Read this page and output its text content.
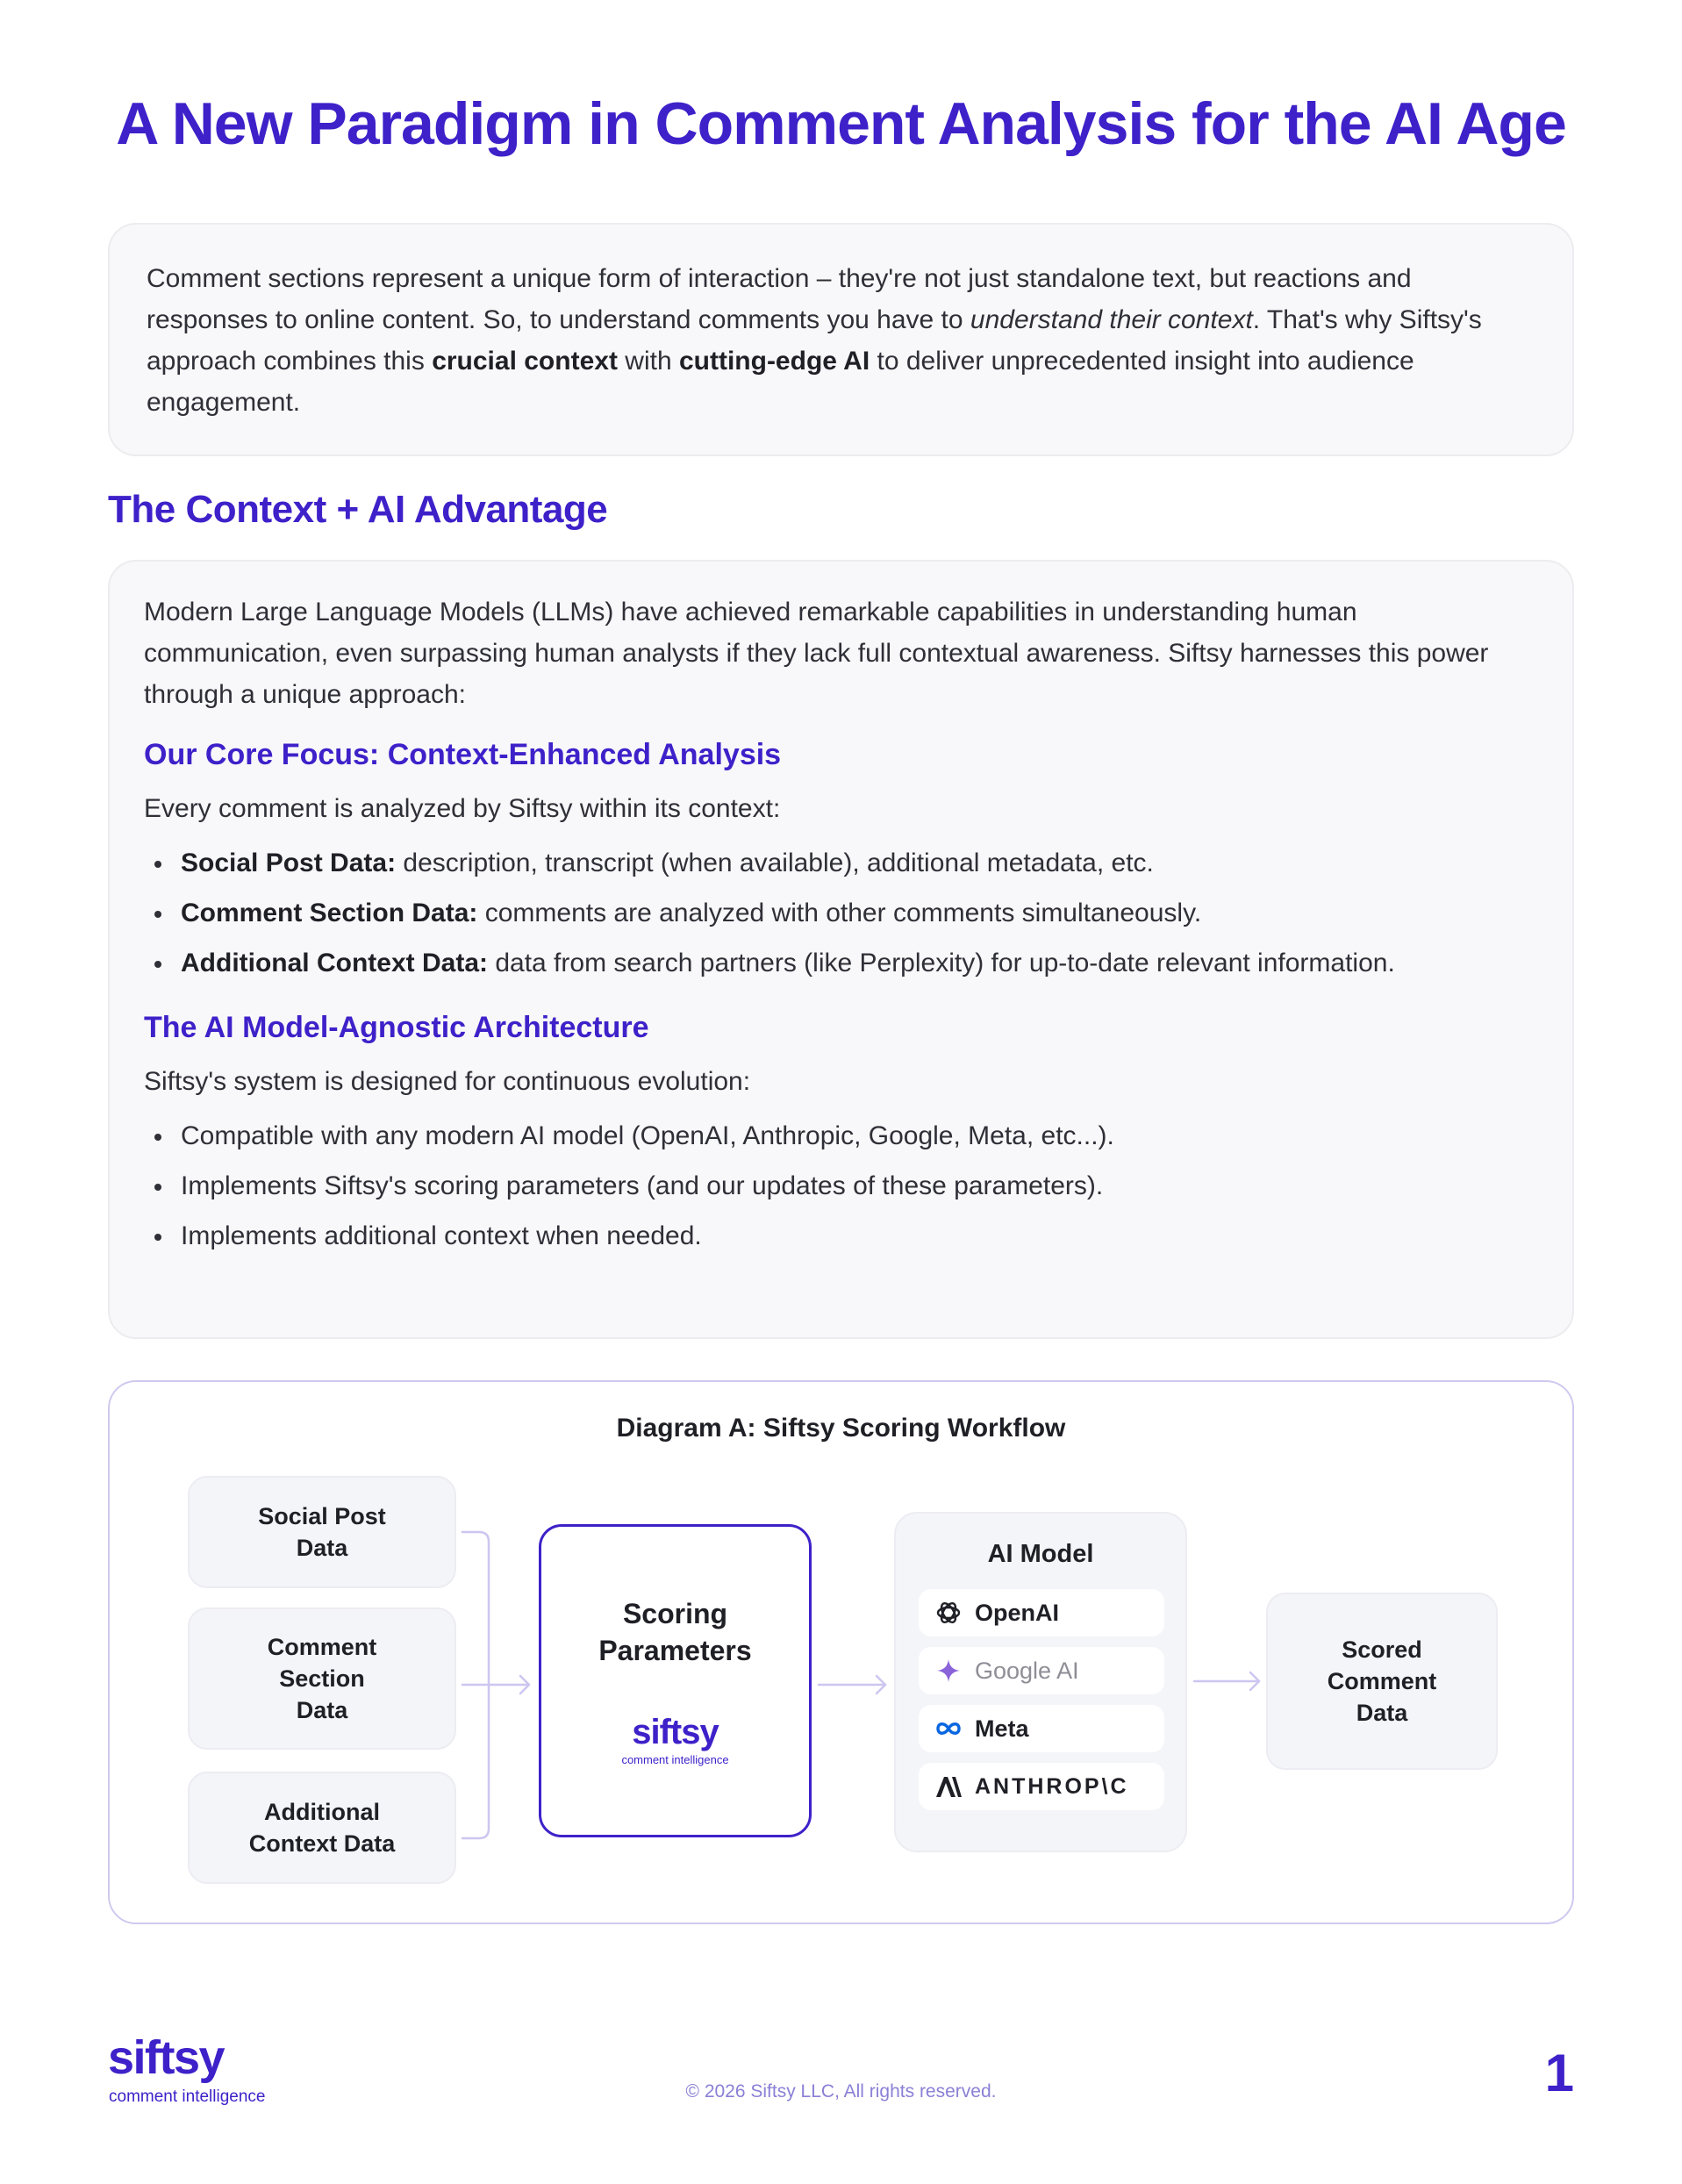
A New Paradigm in Comment Analysis for the AI Age

Comment sections represent a unique form of interaction – they're not just standalone text, but reactions and responses to online content. So, to understand comments you have to understand their context. That's why Siftsy's approach combines this crucial context with cutting-edge AI to deliver unprecedented insight into audience engagement.

The Context + AI Advantage

Modern Large Language Models (LLMs) have achieved remarkable capabilities in understanding human communication, even surpassing human analysts if they lack full contextual awareness. Siftsy harnesses this power through a unique approach:

Our Core Focus: Context-Enhanced Analysis

Every comment is analyzed by Siftsy within its context:

Social Post Data: description, transcript (when available), additional metadata, etc.
Comment Section Data: comments are analyzed with other comments simultaneously.
Additional Context Data: data from search partners (like Perplexity) for up-to-date relevant information.
The AI Model-Agnostic Architecture

Siftsy's system is designed for continuous evolution:

Compatible with any modern AI model (OpenAI, Anthropic, Google, Meta, etc...).
Implements Siftsy's scoring parameters (and our updates of these parameters).
Implements additional context when needed.
Diagram A: Siftsy Scoring Workflow
Social Post
Data
Comment
Section
Data
Additional
Context Data
Scoring
Parameters
siftsy
comment intelligence
AI Model
OpenAI
Google AI
Meta
ANTHROP\C
Scored
Comment
Data
siftsy
comment intelligence	© 2026 Siftsy LLC, All rights reserved.	1
